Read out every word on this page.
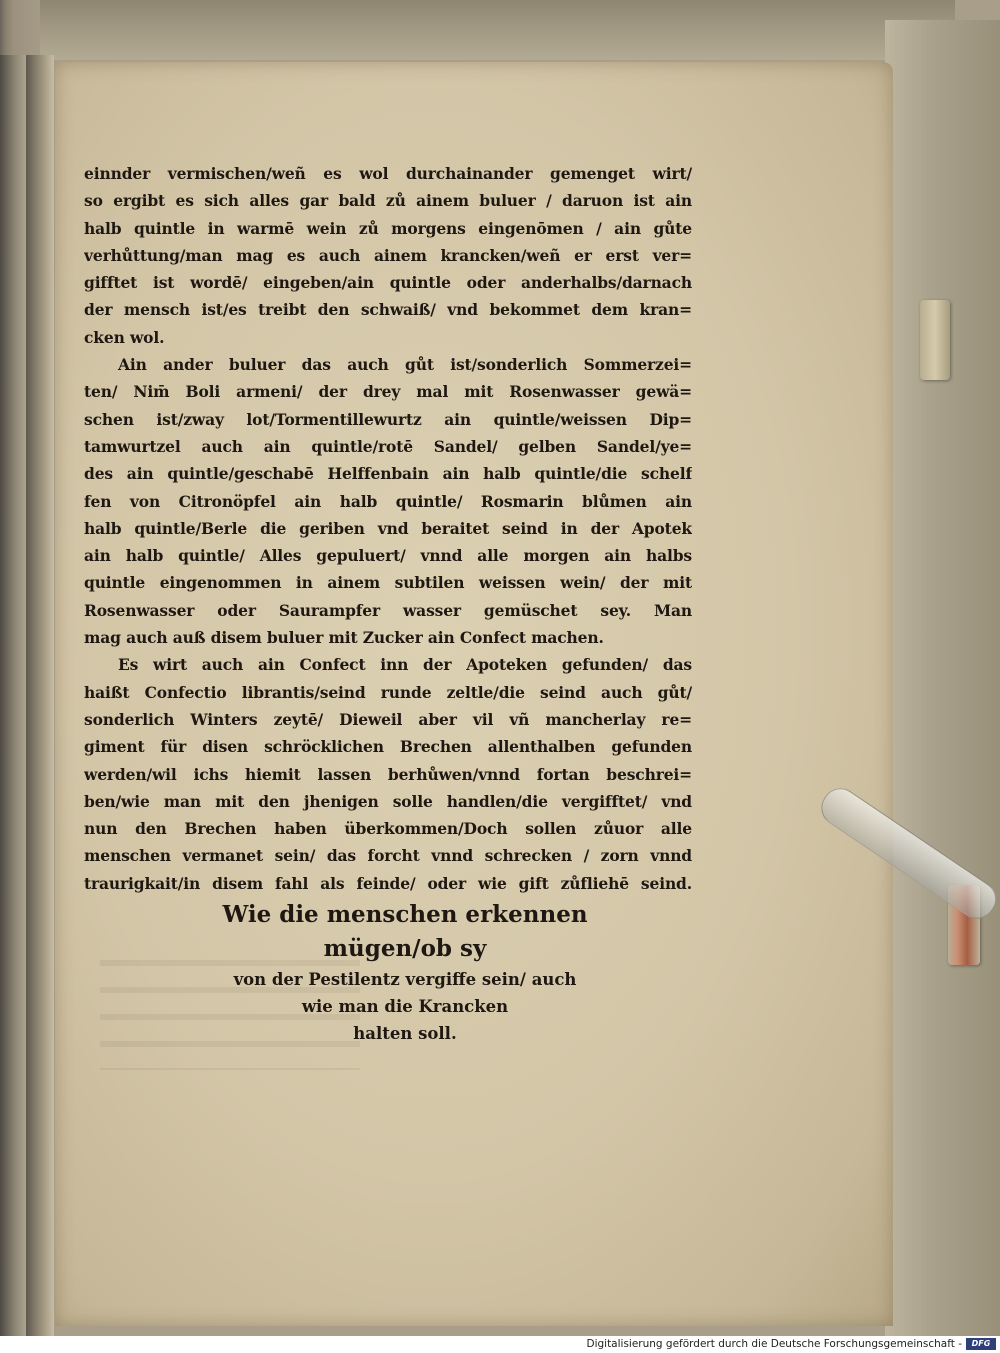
einnder vermischen/weñ es wol durchainander gemenget wirt/
so ergibt es sich alles gar bald zů ainem buluer / daruon ist ain
halb quintle in warmē wein zů morgens eingenōmen / ain gůte
verhůttung/man mag es auch ainem krancken/weñ er erst ver=
gifftet ist wordē/ eingeben/ain quintle oder anderhalbs/darnach
der mensch ist/es treibt den schwaiß/ vnd bekommet dem kran=
cken wol.
Ain ander buluer das auch gůt ist/sonderlich Sommerzei=
ten/ Nim̄ Boli armeni/ der drey mal mit Rosenwasser gewä=
schen ist/zway lot/Tormentillewurtz ain quintle/weissen Dip=
tamwurtzel auch ain quintle/rotē Sandel/ gelben Sandel/ye=
des ain quintle/geschabē Helffenbain ain halb quintle/die schelf
fen von Citronöpfel ain halb quintle/ Rosmarin blůmen ain
halb quintle/Berle die geriben vnd beraitet seind in der Apotek
ain halb quintle/ Alles gepuluert/ vnnd alle morgen ain halbs
quintle eingenommen in ainem subtilen weissen wein/ der mit
Rosenwasser oder Saurampfer wasser gemüschet sey. Man
mag auch auß disem buluer mit Zucker ain Confect machen.
Es wirt auch ain Confect inn der Apoteken gefunden/ das
haißt Confectio librantis/seind runde zeltle/die seind auch gůt/
sonderlich Winters zeytē/ Dieweil aber vil vñ mancherlay re=
giment für disen schröcklichen Brechen allenthalben gefunden
werden/wil ichs hiemit lassen berhůwen/vnnd fortan beschrei=
ben/wie man mit den jhenigen solle handlen/die vergifftet/ vnd
nun den Brechen haben überkommen/Doch sollen zůuor alle
menschen vermanet sein/ das forcht vnnd schrecken / zorn vnnd
traurigkait/in disem fahl als feinde/ oder wie gift zůfliehē seind.
Wie die menschen erkennen mügen/ob sy
von der Pestilentz vergiffe sein/ auch
wie man die Krancken
halten soll.
Digitalisierung gefördert durch die Deutsche Forschungsgemeinschaft -	DFG
